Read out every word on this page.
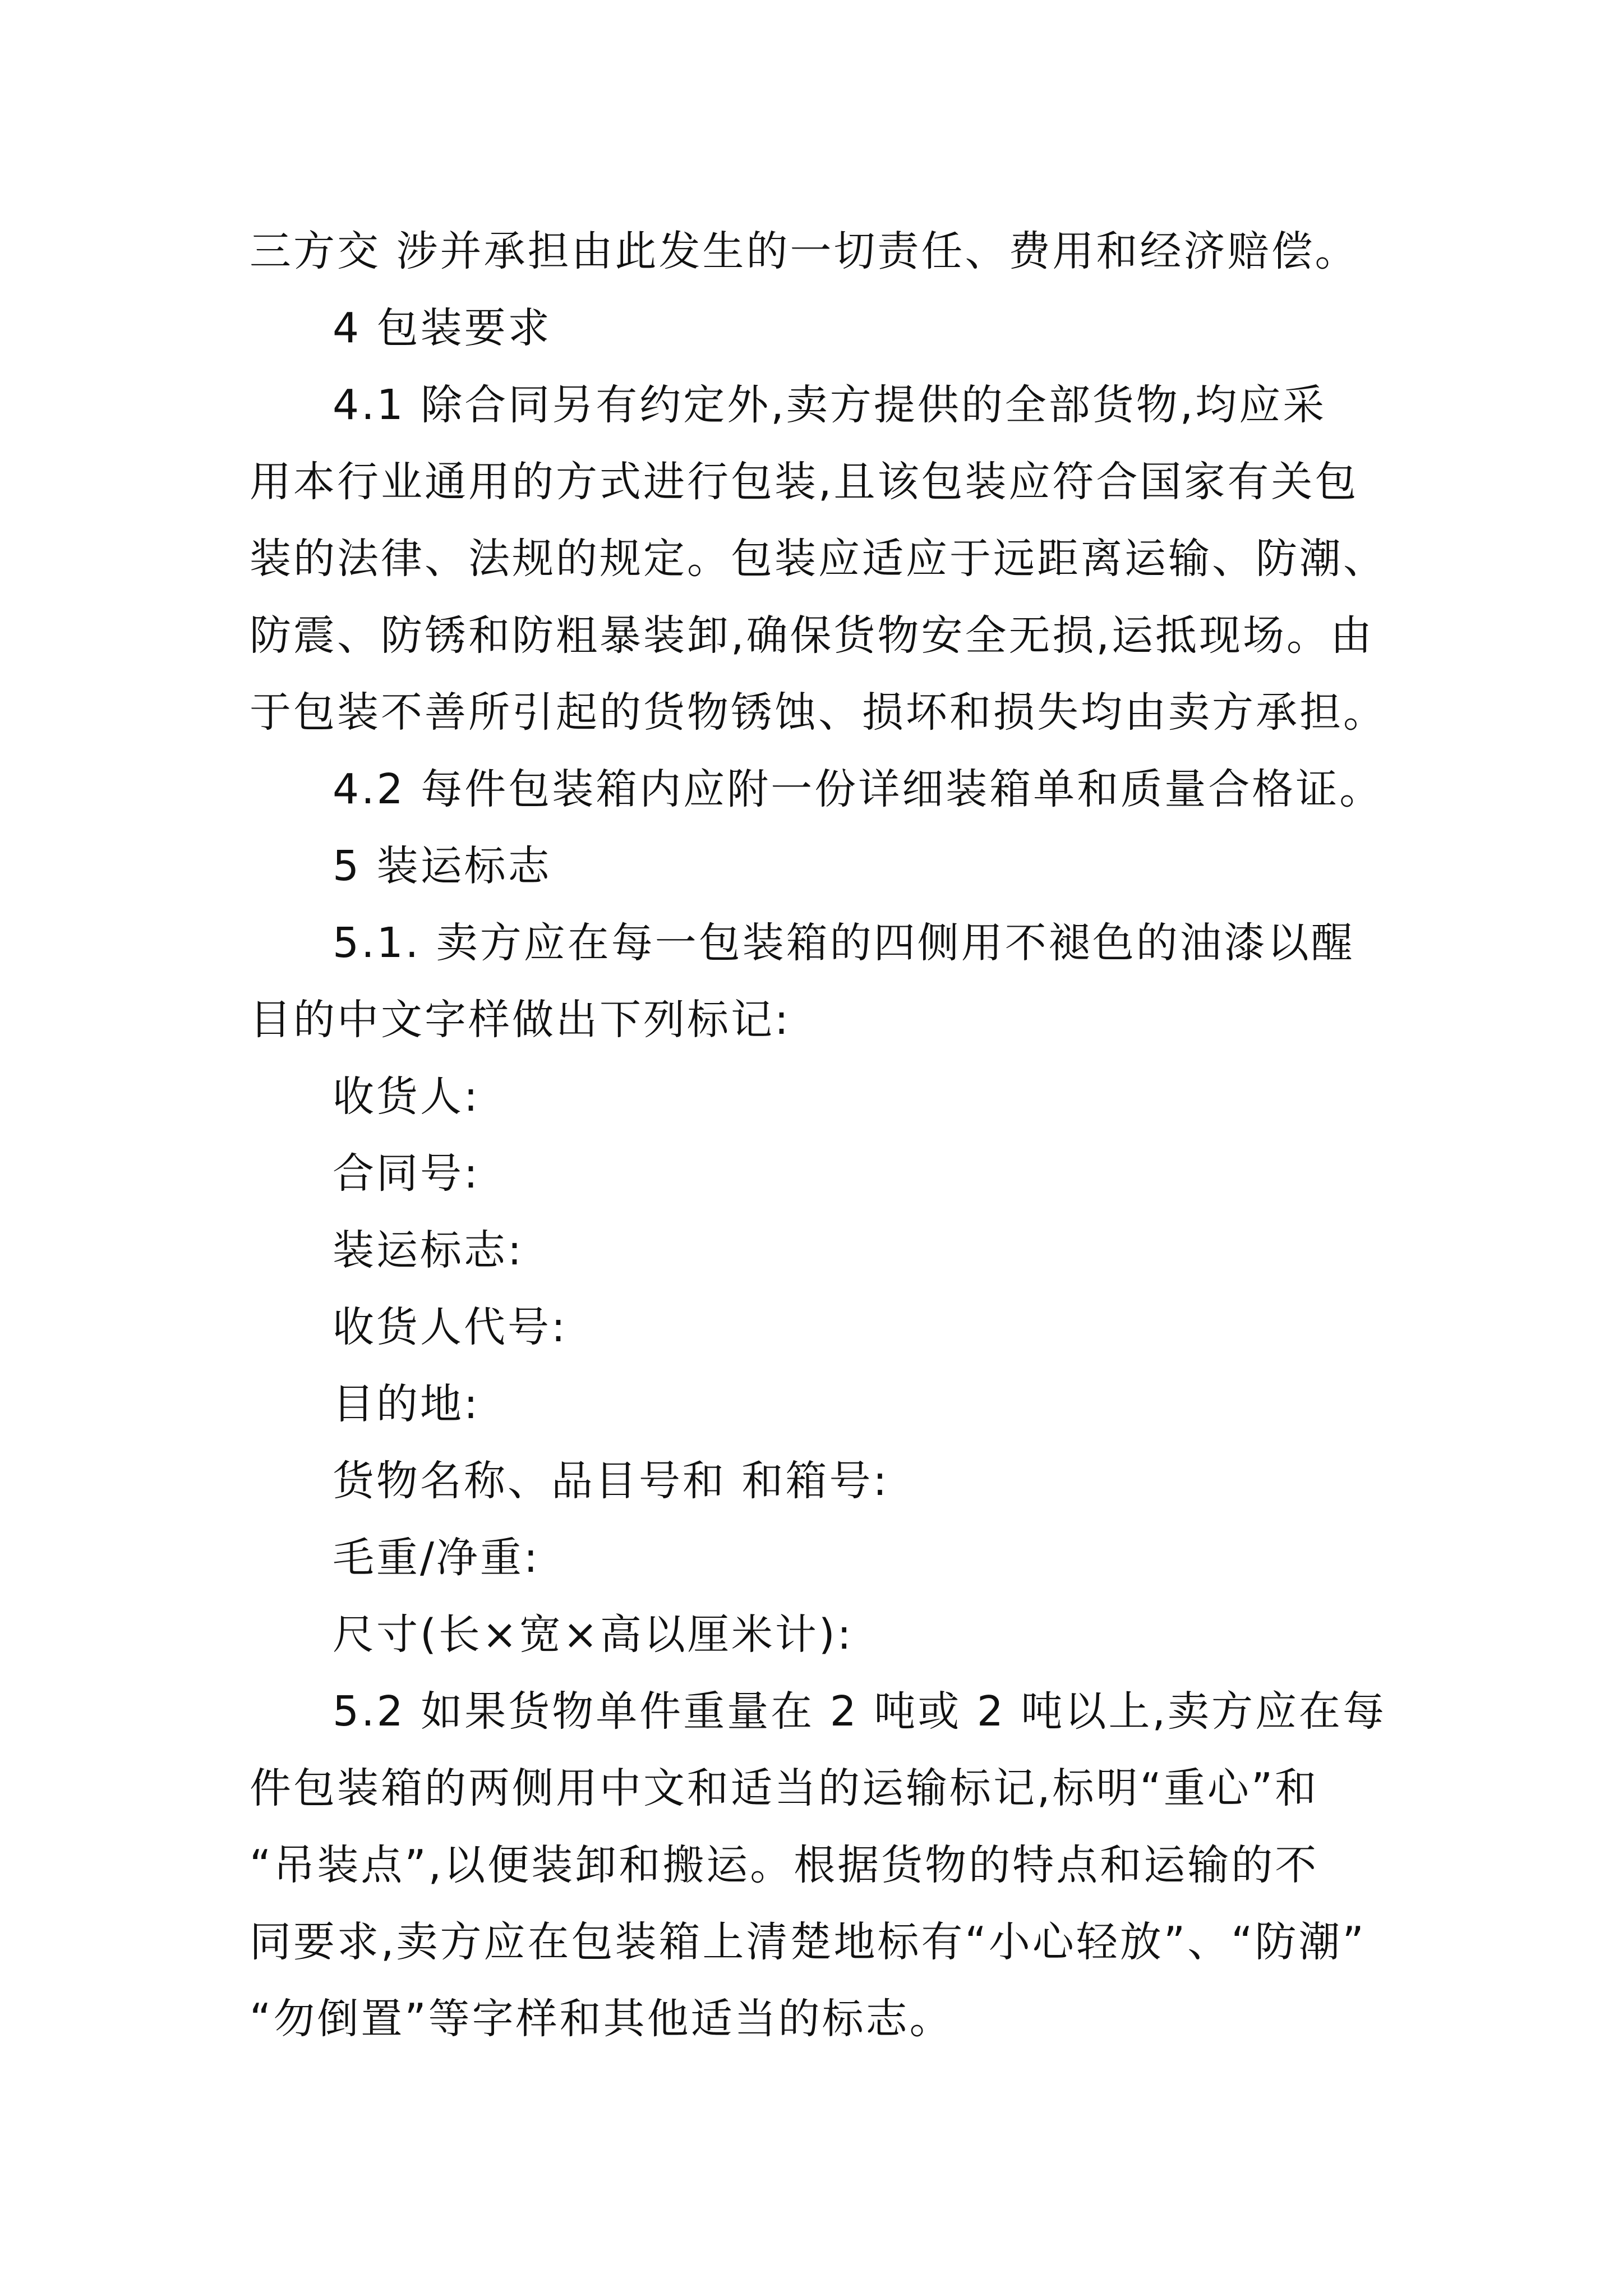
三方交 涉并承担由此发生的一切责任、费用和经济赔偿。
4 包装要求
4.1 除合同另有约定外,卖方提供的全部货物,均应采
用本行业通用的方式进行包装,且该包装应符合国家有关包
装的法律、法规的规定。包装应适应于远距离运输、防潮、
防震、防锈和防粗暴装卸,确保货物安全无损,运抵现场。由
于包装不善所引起的货物锈蚀、损坏和损失均由卖方承担。
4.2 每件包装箱内应附一份详细装箱单和质量合格证。
5 装运标志
5.1. 卖方应在每一包装箱的四侧用不褪色的油漆以醒
目的中文字样做出下列标记:
收货人:
合同号:
装运标志:
收货人代号:
目的地:
货物名称、品目号和 和箱号:
毛重/净重:
尺寸(长×宽×高以厘米计):
5.2 如果货物单件重量在 2 吨或 2 吨以上,卖方应在每
件包装箱的两侧用中文和适当的运输标记,标明“重心”和
“吊装点”,以便装卸和搬运。根据货物的特点和运输的不
同要求,卖方应在包装箱上清楚地标有“小心轻放”、“防潮”
“勿倒置”等字样和其他适当的标志。
